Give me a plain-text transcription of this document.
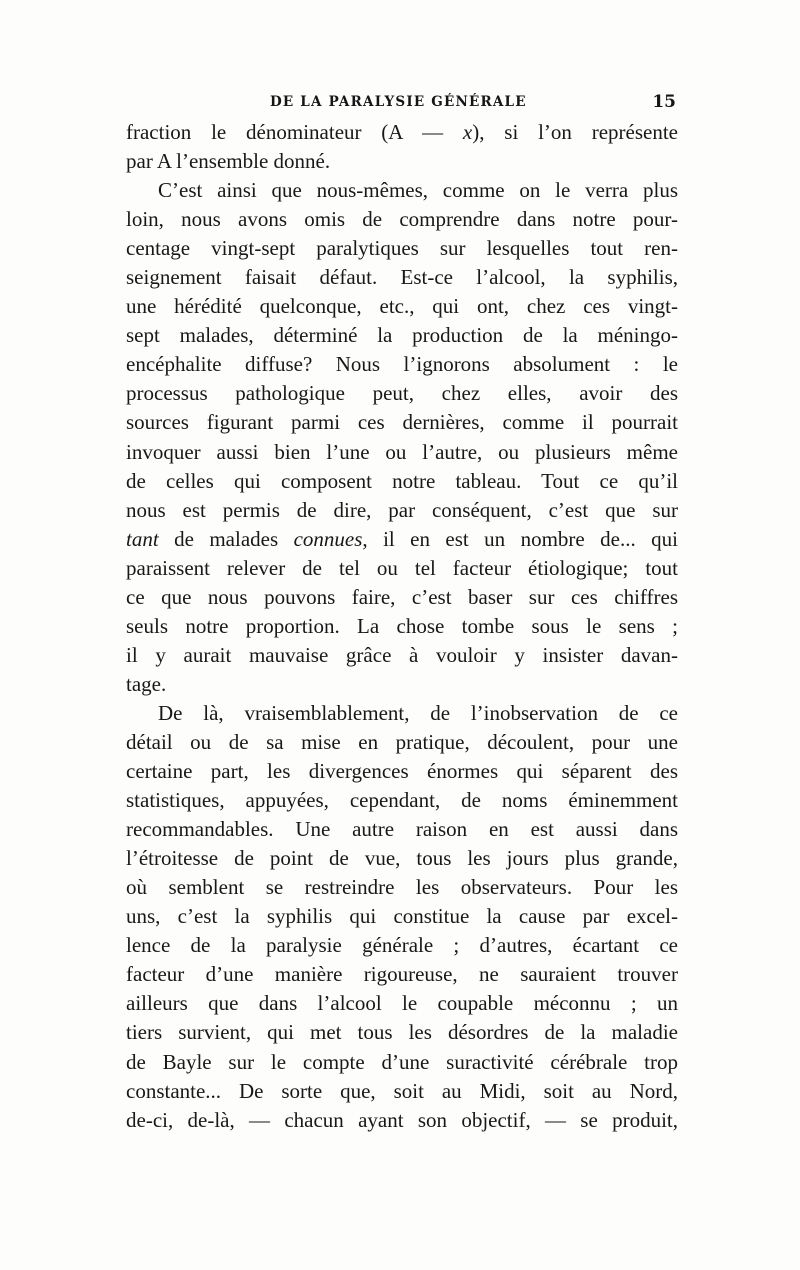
DE LA PARALYSIE GÉNÉRALE	15
fraction le dénominateur (A — x), si l’on représente
par A l’ensemble donné.
C’est ainsi que nous-mêmes, comme on le verra plus
loin, nous avons omis de comprendre dans notre pour-
centage vingt-sept paralytiques sur lesquelles tout ren-
seignement faisait défaut. Est-ce l’alcool, la syphilis,
une hérédité quelconque, etc., qui ont, chez ces vingt-
sept malades, déterminé la production de la méningo-
encéphalite diffuse? Nous l’ignorons absolument : le
processus pathologique peut, chez elles, avoir des
sources figurant parmi ces dernières, comme il pourrait
invoquer aussi bien l’une ou l’autre, ou plusieurs même
de celles qui composent notre tableau. Tout ce qu’il
nous est permis de dire, par conséquent, c’est que sur
tant de malades connues, il en est un nombre de... qui
paraissent relever de tel ou tel facteur étiologique; tout
ce que nous pouvons faire, c’est baser sur ces chiffres
seuls notre proportion. La chose tombe sous le sens ;
il y aurait mauvaise grâce à vouloir y insister davan-
tage.
De là, vraisemblablement, de l’inobservation de ce
détail ou de sa mise en pratique, découlent, pour une
certaine part, les divergences énormes qui séparent des
statistiques, appuyées, cependant, de noms éminemment
recommandables. Une autre raison en est aussi dans
l’étroitesse de point de vue, tous les jours plus grande,
où semblent se restreindre les observateurs. Pour les
uns, c’est la syphilis qui constitue la cause par excel-
lence de la paralysie générale ; d’autres, écartant ce
facteur d’une manière rigoureuse, ne sauraient trouver
ailleurs que dans l’alcool le coupable méconnu ; un
tiers survient, qui met tous les désordres de la maladie
de Bayle sur le compte d’une suractivité cérébrale trop
constante... De sorte que, soit au Midi, soit au Nord,
de-ci, de-là, — chacun ayant son objectif, — se produit,
